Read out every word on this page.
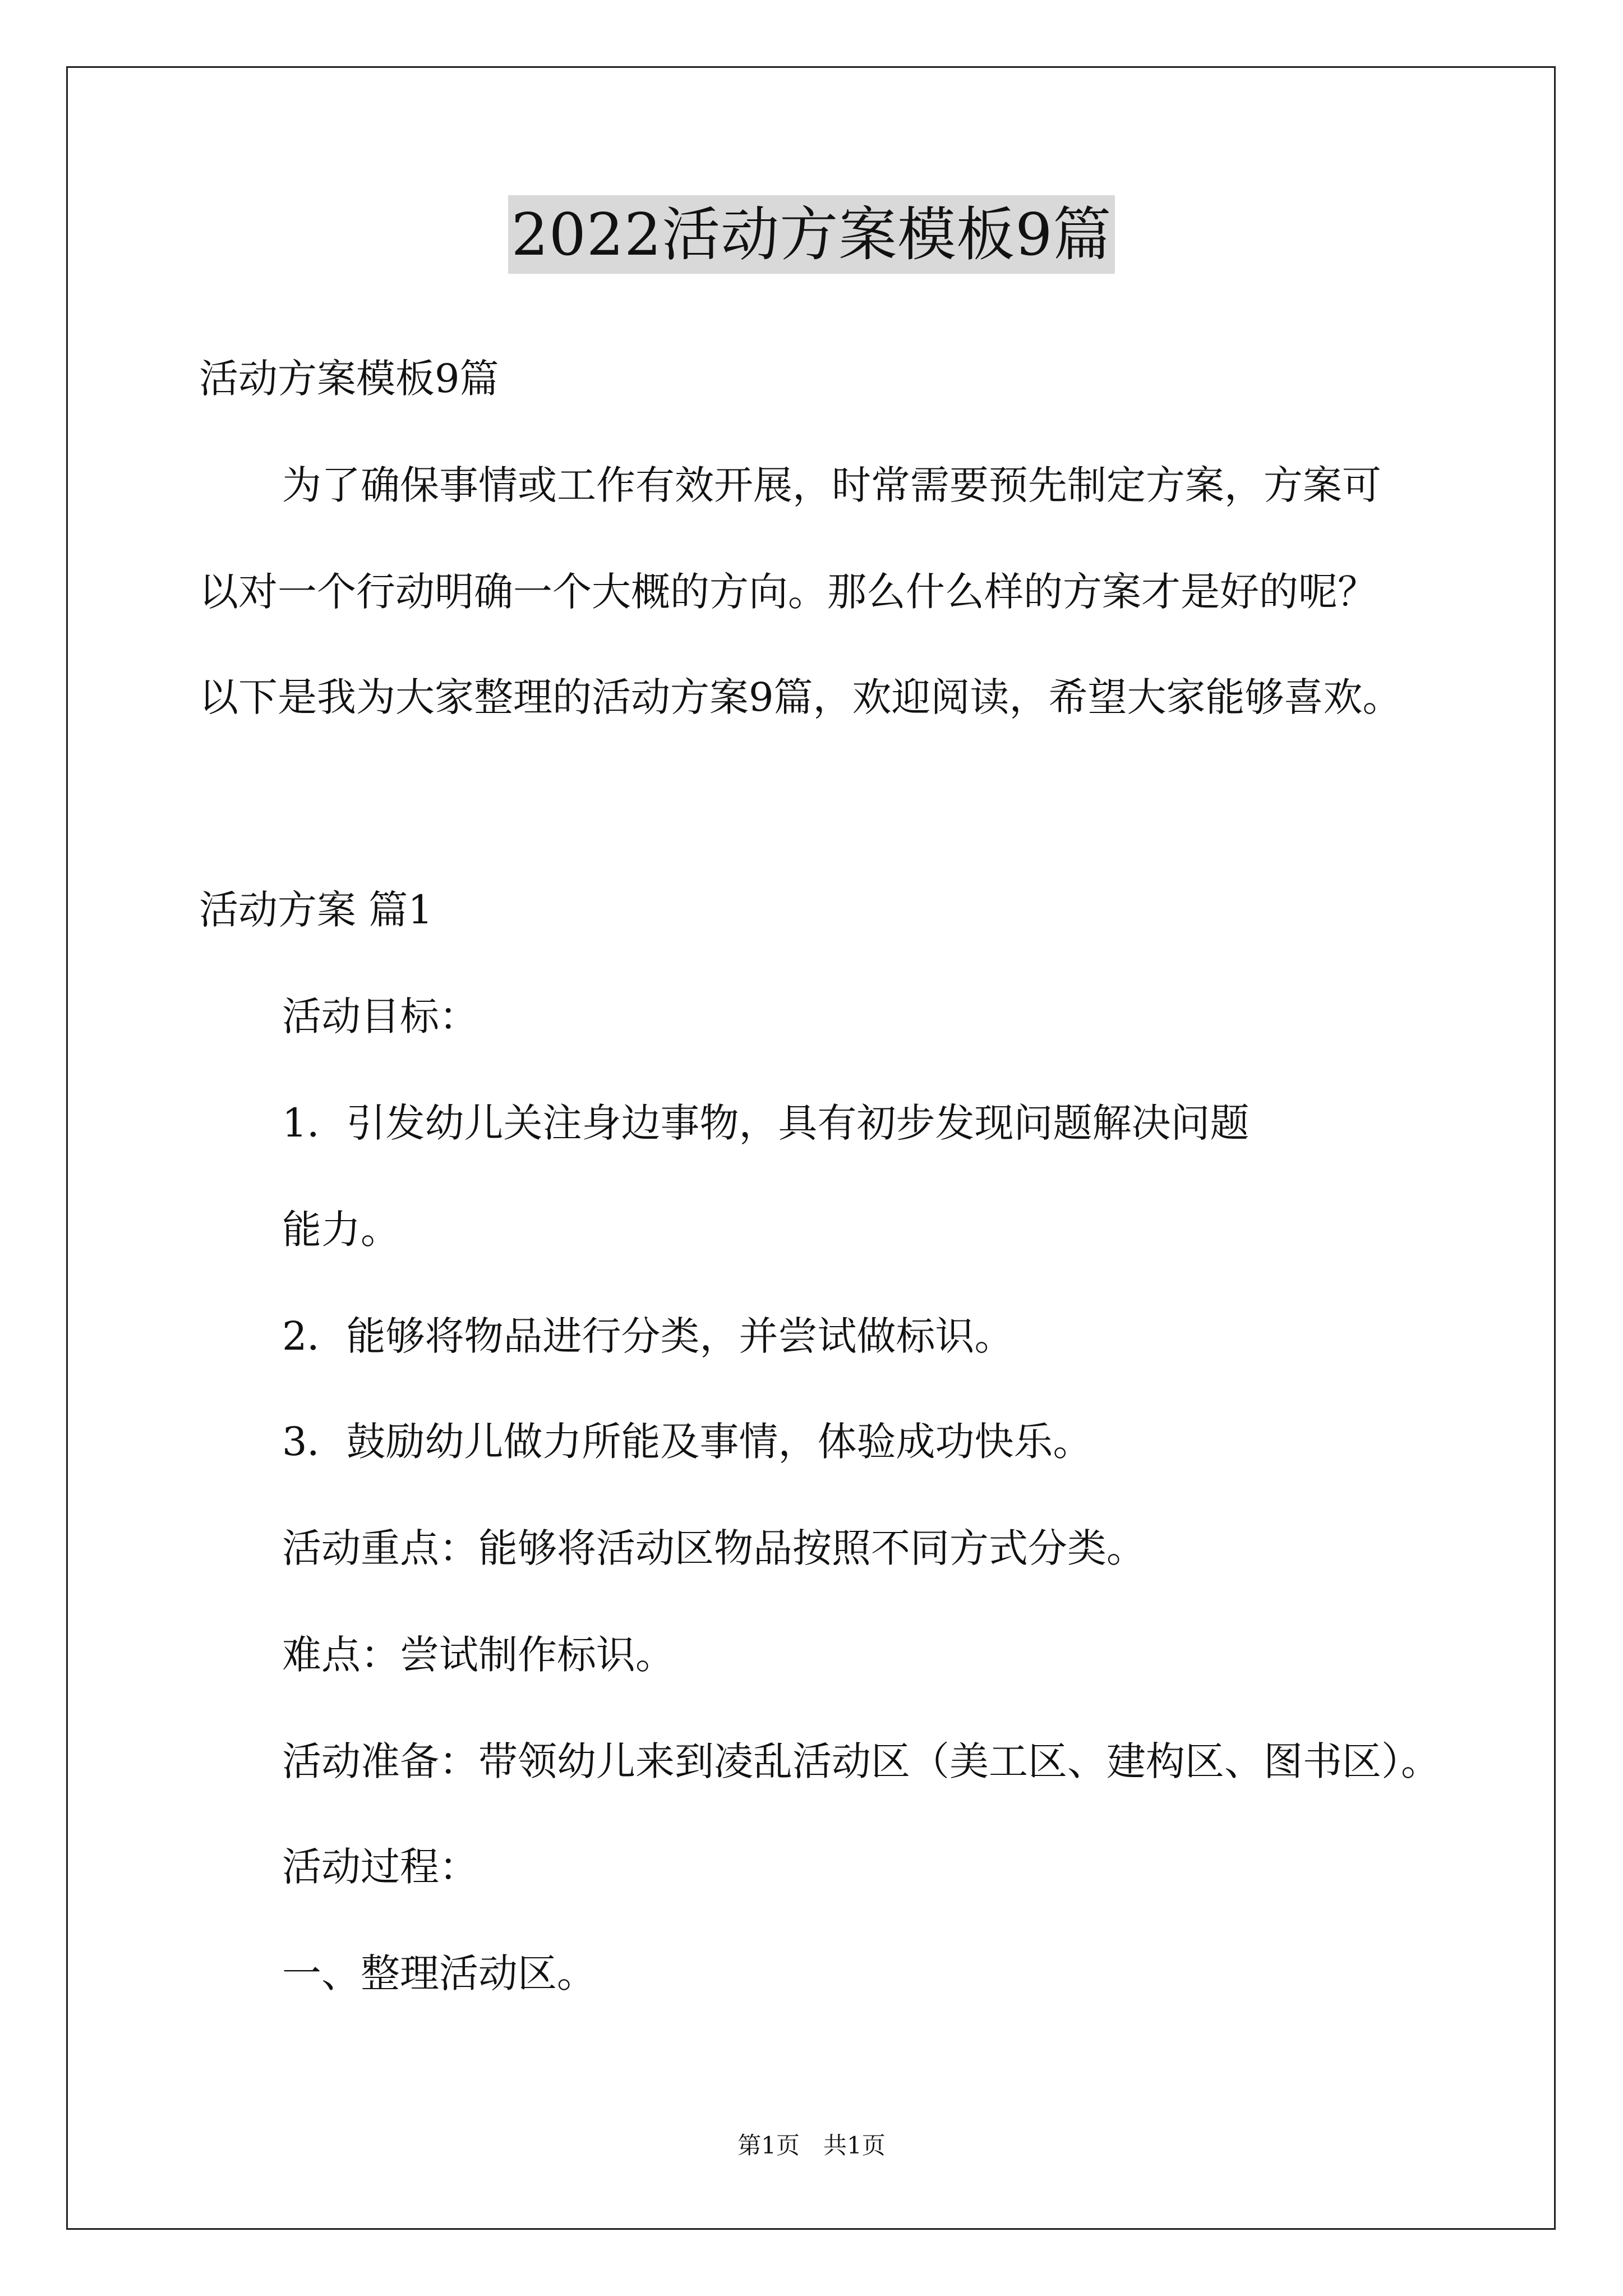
2022活动方案模板9篇
活动方案模板9篇
为了确保事情或工作有效开展，时常需要预先制定方案，方案可
以对一个行动明确一个大概的方向。那么什么样的方案才是好的呢？
以下是我为大家整理的活动方案9篇，欢迎阅读，希望大家能够喜欢。
活动方案 篇1
活动目标：
1．引发幼儿关注身边事物，具有初步发现问题解决问题
能力。
2．能够将物品进行分类，并尝试做标识。
3．鼓励幼儿做力所能及事情，体验成功快乐。
活动重点：能够将活动区物品按照不同方式分类。
难点：尝试制作标识。
活动准备：带领幼儿来到凌乱活动区（美工区、建构区、图书区）。
活动过程：
一、整理活动区。
第1页　共1页
